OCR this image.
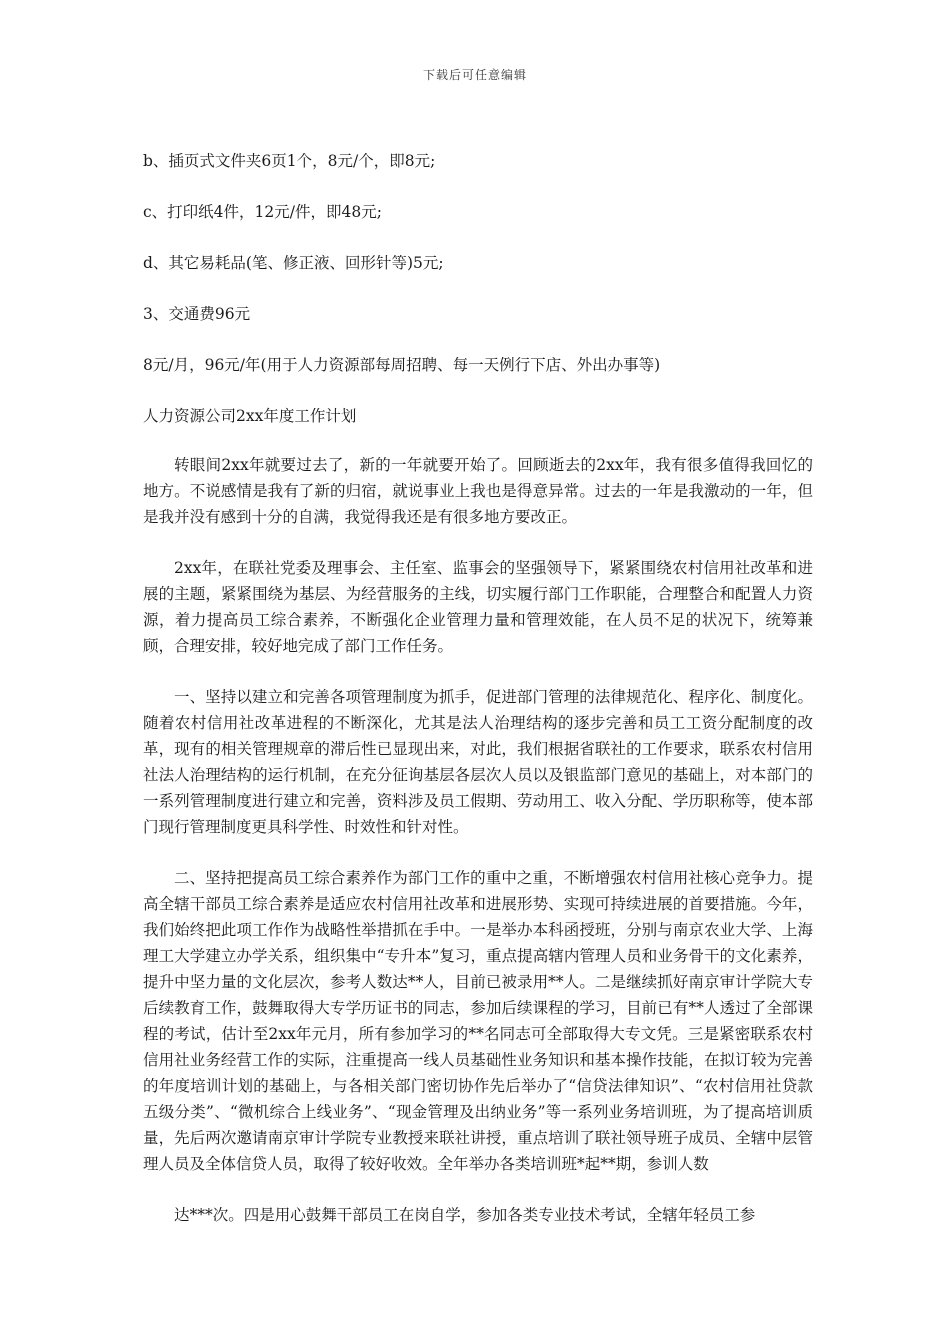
下载后可任意编辑

b、插页式文件夹6页1个，8元/个，即8元;

c、打印纸4件，12元/件，即48元;

d、其它易耗品(笔、修正液、回形针等)5元;

3、交通费96元

8元/月，96元/年(用于人力资源部每周招聘、每一天例行下店、外出办事等)

人力资源公司2xx年度工作计划

转眼间2xx年就要过去了，新的一年就要开始了。回顾逝去的2xx年，我有很多值得我回忆的地方。不说感情是我有了新的归宿，就说事业上我也是得意异常。过去的一年是我激动的一年，但是我并没有感到十分的自满，我觉得我还是有很多地方要改正。

2xx年，在联社党委及理事会、主任室、监事会的坚强领导下，紧紧围绕农村信用社改革和进展的主题，紧紧围绕为基层、为经营服务的主线，切实履行部门工作职能，合理整合和配置人力资源，着力提高员工综合素养，不断强化企业管理力量和管理效能，在人员不足的状况下，统筹兼顾，合理安排，较好地完成了部门工作任务。

一、坚持以建立和完善各项管理制度为抓手，促进部门管理的法律规范化、程序化、制度化。随着农村信用社改革进程的不断深化，尤其是法人治理结构的逐步完善和员工工资分配制度的改革，现有的相关管理规章的滞后性已显现出来，对此，我们根据省联社的工作要求，联系农村信用社法人治理结构的运行机制，在充分征询基层各层次人员以及银监部门意见的基础上，对本部门的一系列管理制度进行建立和完善，资料涉及员工假期、劳动用工、收入分配、学历职称等，使本部门现行管理制度更具科学性、时效性和针对性。

二、坚持把提高员工综合素养作为部门工作的重中之重，不断增强农村信用社核心竞争力。提高全辖干部员工综合素养是适应农村信用社改革和进展形势、实现可持续进展的首要措施。今年，我们始终把此项工作作为战略性举措抓在手中。一是举办本科函授班，分别与南京农业大学、上海理工大学建立办学关系，组织集中“专升本”复习，重点提高辖内管理人员和业务骨干的文化素养，提升中坚力量的文化层次，参考人数达**人，目前已被录用**人。二是继续抓好南京审计学院大专后续教育工作，鼓舞取得大专学历证书的同志，参加后续课程的学习，目前已有**人透过了全部课程的考试，估计至2xx年元月，所有参加学习的**名同志可全部取得大专文凭。三是紧密联系农村信用社业务经营工作的实际，注重提高一线人员基础性业务知识和基本操作技能，在拟订较为完善的年度培训计划的基础上，与各相关部门密切协作先后举办了“信贷法律知识”、“农村信用社贷款五级分类”、“微机综合上线业务”、“现金管理及出纳业务”等一系列业务培训班，为了提高培训质量，先后两次邀请南京审计学院专业教授来联社讲授，重点培训了联社领导班子成员、全辖中层管理人员及全体信贷人员，取得了较好收效。全年举办各类培训班*起**期，参训人数

达***次。四是用心鼓舞干部员工在岗自学，参加各类专业技术考试，全辖年轻员工参
